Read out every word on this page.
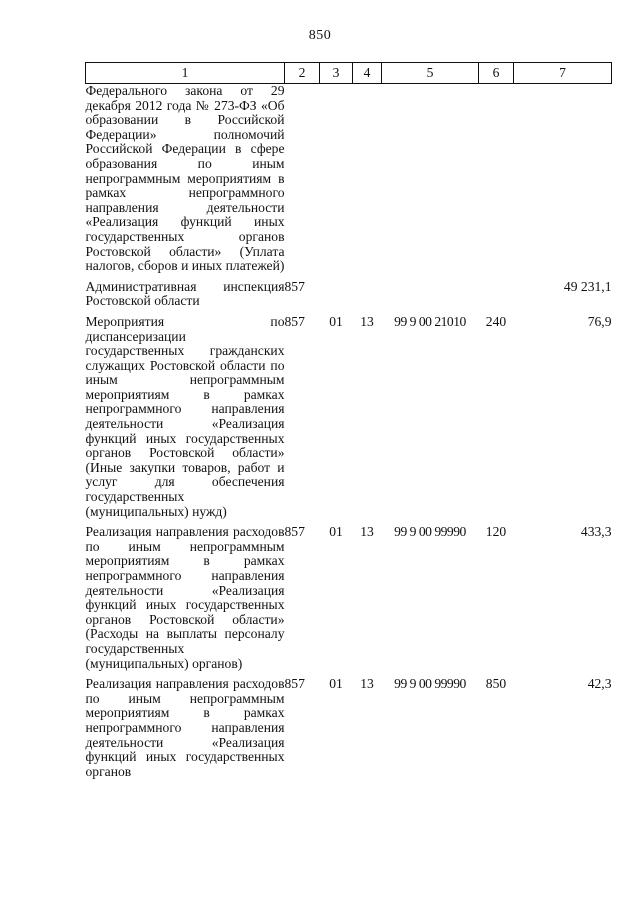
850
1	2	3	4	5	6	7
Федерального закона от 29 декабря 2012 года № 273-ФЗ «Об образовании в Российской Федерации» полномочий Российской Федерации в сфере образования по иным непрограммным мероприятиям в рамках непрограммного направления деятельности «Реализация функций иных государственных органов Ростовской области» (Уплата налогов, сборов и иных платежей)						
Административная инспекция Ростовской области	857					49 231,1
Мероприятия по диспансеризации государственных гражданских служащих Ростовской области по иным непрограммным мероприятиям в рамках непрограммного направления деятельности «Реализация функций иных государственных органов Ростовской области» (Иные закупки товаров, работ и услуг для обеспечения государственных (муниципальных) нужд)	857	01	13	99 9 00 21010	240	76,9
Реализация направления расходов по иным непрограммным мероприятиям в рамках непрограммного направления деятельности «Реализация функций иных государственных органов Ростовской области» (Расходы на выплаты персоналу государственных (муниципальных) органов)	857	01	13	99 9 00 99990	120	433,3
Реализация направления расходов по иным непрограммным мероприятиям в рамках непрограммного направления деятельности «Реализация функций иных государственных органов	857	01	13	99 9 00 99990	850	42,3
